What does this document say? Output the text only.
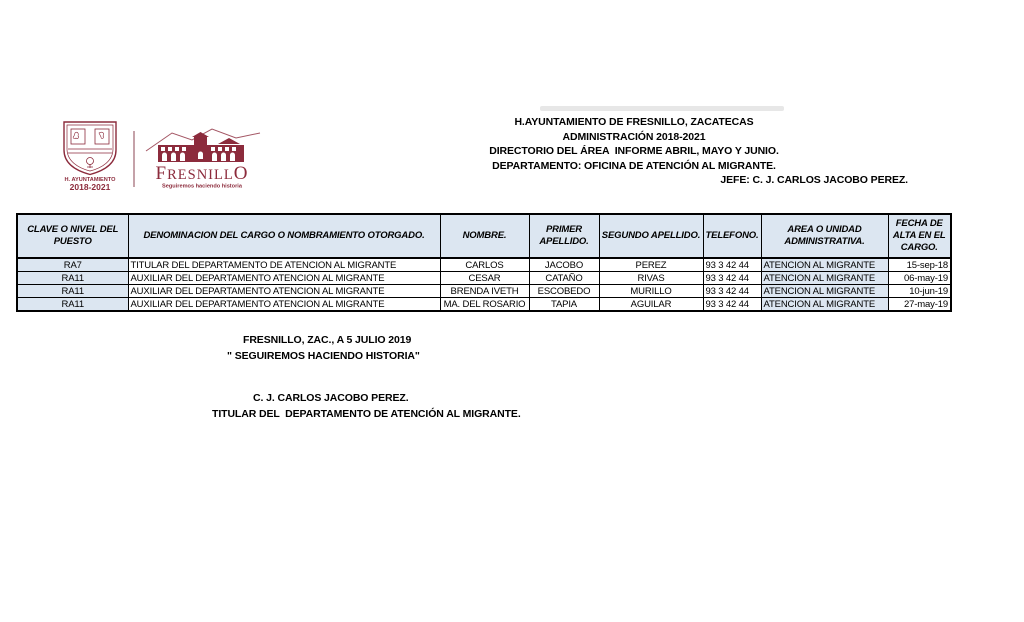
H. AYUNTAMIENTO
2018-2021
FRESNILLO
Seguiremos haciendo historia
H.AYUNTAMIENTO DE FRESNILLO, ZACATECAS
ADMINISTRACIÓN 2018-2021
DIRECTORIO DEL ÁREA  INFORME ABRIL, MAYO Y JUNIO.
DEPARTAMENTO: OFICINA DE ATENCIÓN AL MIGRANTE.
JEFE: C. J. CARLOS JACOBO PEREZ.
CLAVE O NIVEL DEL PUESTO	DENOMINACION DEL CARGO O NOMBRAMIENTO OTORGADO.	NOMBRE.	PRIMER APELLIDO.	SEGUNDO APELLIDO.	TELEFONO.	AREA O UNIDAD ADMINISTRATIVA.	FECHA DE ALTA EN EL CARGO.
RA7	TITULAR DEL DEPARTAMENTO DE ATENCION AL MIGRANTE	CARLOS	JACOBO	PEREZ	93 3 42 44	ATENCION AL MIGRANTE	15-sep-18
RA11	AUXILIAR DEL DEPARTAMENTO ATENCION AL MIGRANTE	CESAR	CATAÑO	RIVAS	93 3 42 44	ATENCION AL MIGRANTE	06-may-19
RA11	AUXILIAR DEL DEPARTAMENTO ATENCION AL MIGRANTE	BRENDA IVETH	ESCOBEDO	MURILLO	93 3 42 44	ATENCION AL MIGRANTE	10-jun-19
RA11	AUXILIAR DEL DEPARTAMENTO ATENCION AL MIGRANTE	MA. DEL ROSARIO	TAPIA	AGUILAR	93 3 42 44	ATENCION AL MIGRANTE	27-may-19
FRESNILLO, ZAC., A 5 JULIO 2019
" SEGUIREMOS HACIENDO HISTORIA"
C. J. CARLOS JACOBO PEREZ.
TITULAR DEL  DEPARTAMENTO DE ATENCIÓN AL MIGRANTE.
